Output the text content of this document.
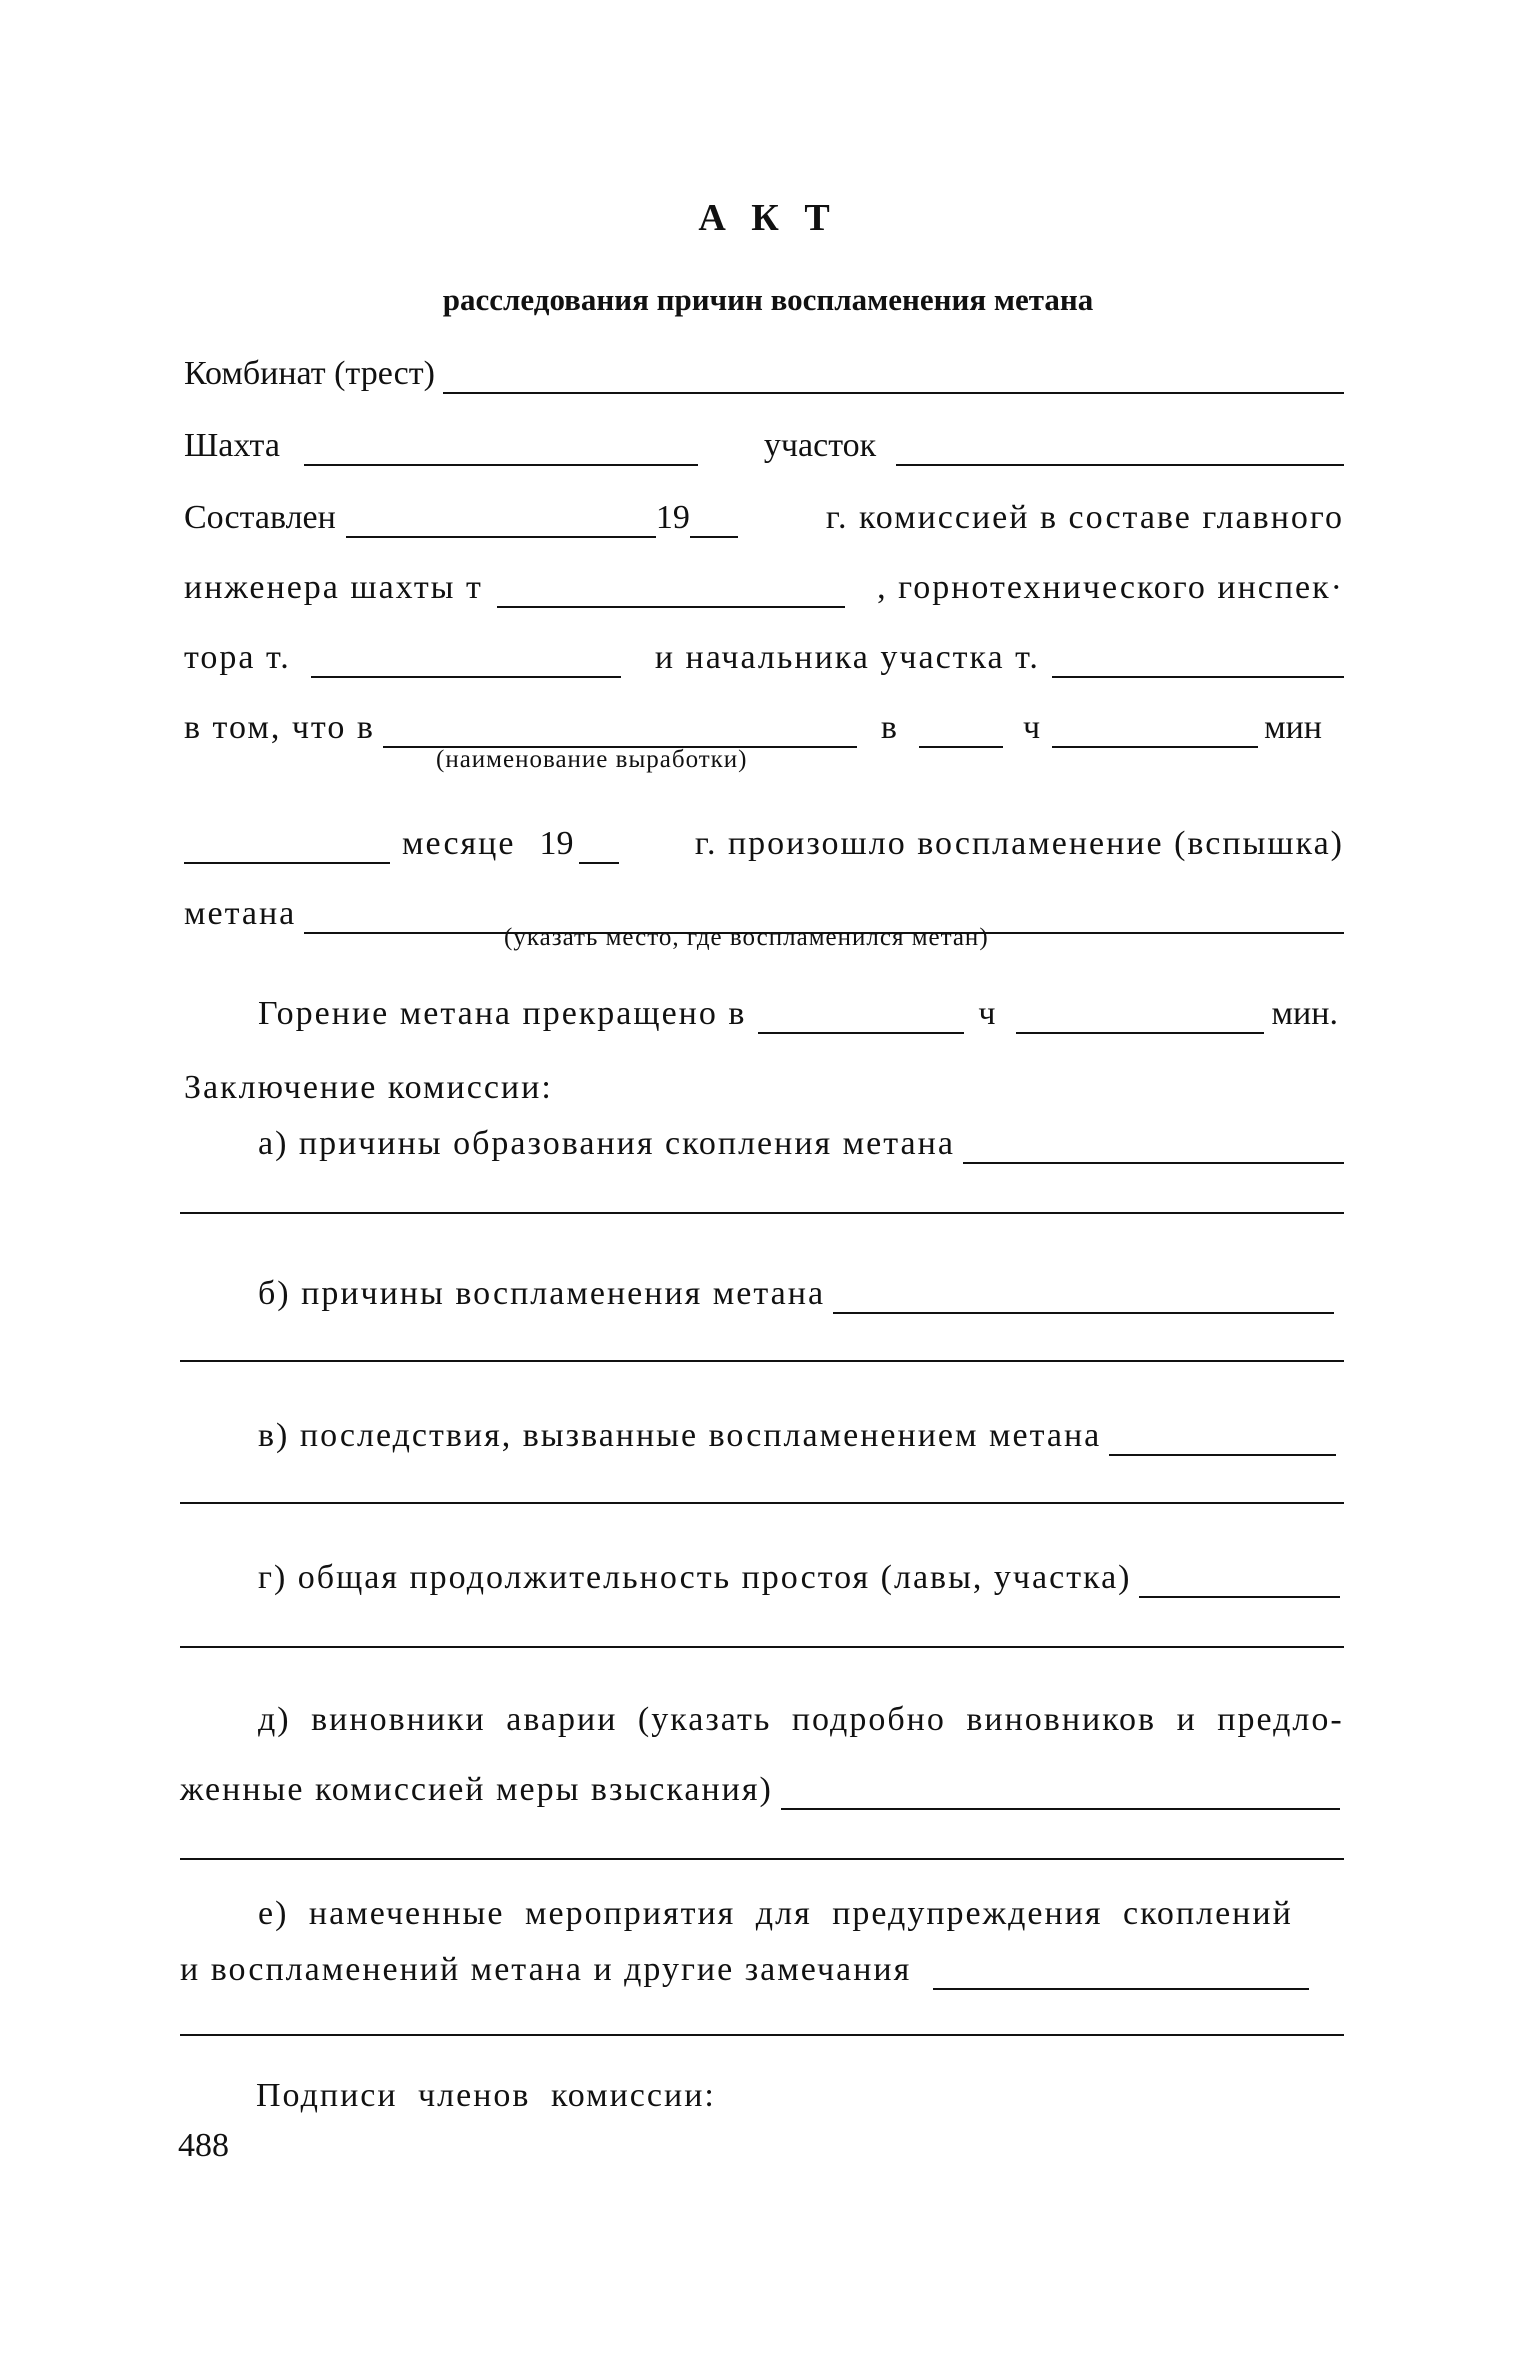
А К Т
расследования причин воспламенения метана
Комбинат (трест)
Шахта	участок
Составлен	19	г. комиссией в составе главного
инженера шахты т	, горнотехнического инспек·
тора т.	и начальника участка т.
в том, что в	в	ч	мин
(наименование выработки)
месяце 19	г. произошло воспламенение (вспышка)
метана
(указать место, где воспламенился метан)
Горение метана прекращено в	ч	мин.
Заключение комиссии:
а) причины образования скопления метана
б) причины воспламенения метана
в) последствия, вызванные воспламенением метана
г) общая продолжительность простоя (лавы, участка)
д) виновники аварии (указать подробно виновников и предло-
женные комиссией меры взыскания)
е) намеченные мероприятия для предупреждения скоплений
и воспламенений метана и другие замечания
Подписи членов комиссии:
488
